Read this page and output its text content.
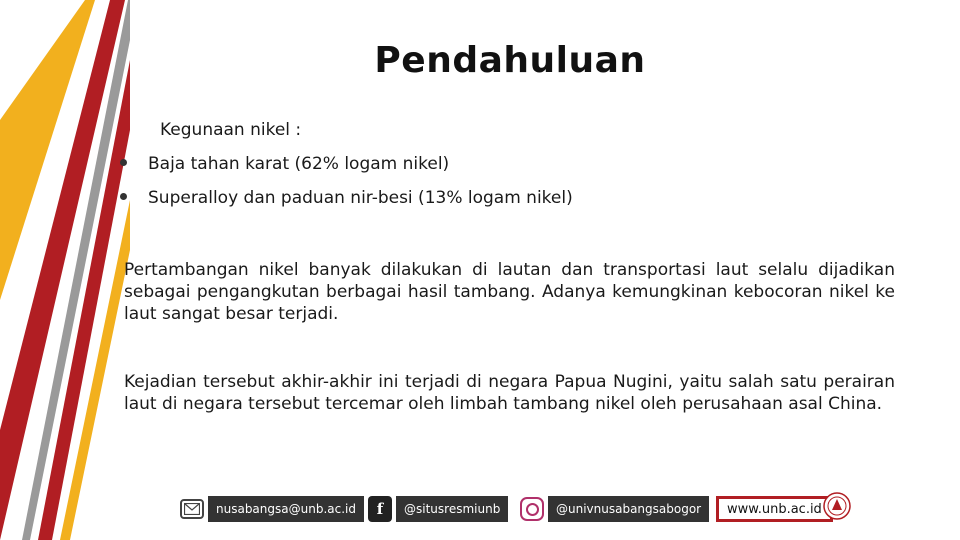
Pendahuluan
Kegunaan nikel :
Baja tahan karat (62% logam nikel)
Superalloy dan paduan nir-besi (13% logam nikel)
Pertambangan nikel banyak dilakukan di lautan dan transportasi laut selalu dijadikan sebagai pengangkutan berbagai hasil tambang. Adanya kemungkinan kebocoran nikel ke laut sangat besar terjadi.
Kejadian tersebut akhir-akhir ini terjadi di negara Papua Nugini, yaitu salah satu perairan laut di negara tersebut tercemar oleh limbah tambang nikel oleh perusahaan asal China.
nusabangsa@unb.ac.id	f	@situsresmiunb	@univnusabangsabogor	www.unb.ac.id
